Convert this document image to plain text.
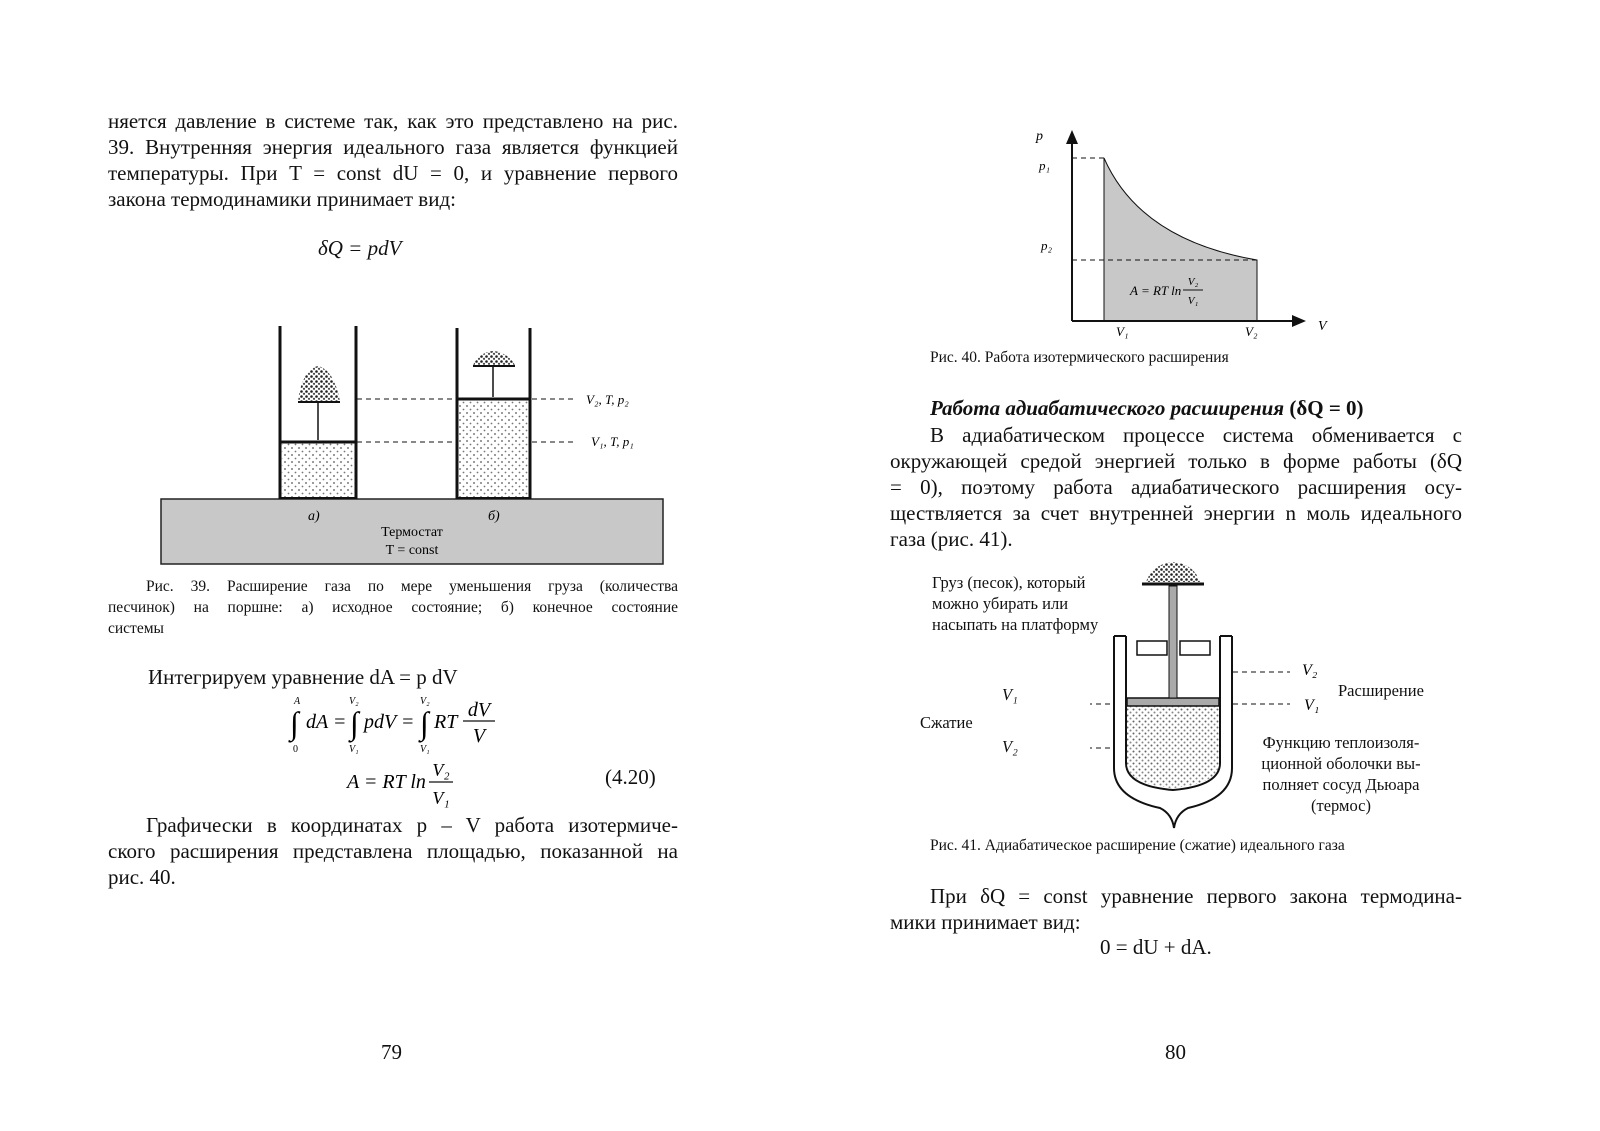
няется давление в системе так, как это представлено на рис.
39. Внутренняя энергия идеального газа является функцией
температуры. При T = const dU = 0, и уравнение первого
закона термодинамики принимает вид:
δQ = pdV
V₂, T, p₂
V₁, T, p₁
а)	б)
Термостат
T = const
Рис. 39. Расширение газа по мере уменьшения груза (количества
песчинок) на поршне: а) исходное состояние; б) конечное состояние
системы
Интегрируем уравнение dA = p dV
∫
A
0
dA = ∫
V₂
V₁
pdV = ∫
V₂
V₁
RT
dV
V
A = RT ln
V₂
V₁
(4.20)
Графически в координатах p – V работа изотермиче-
ского расширения представлена площадью, показанной на
рис. 40.
79
p
V
p₁
p₂
V₁	V₂
A = RT ln
V₂
V₁
Рис. 40. Работа изотермического расширения
Работа адиабатического расширения (δQ = 0)
В адиабатическом процессе система обменивается с
окружающей средой энергией только в форме работы (δQ
= 0), поэтому работа адиабатического расширения осу-
ществляется за счет внутренней энергии n моль идеального
газа (рис. 41).
V₂
V₁
Груз (песок), который
можно убирать или
насыпать на платформу
V₁
V₂
Сжатие
Расширение
Функцию теплоизоля-
ционной оболочки вы-
полняет сосуд Дьюара
(термос)
Рис. 41. Адиабатическое расширение (сжатие) идеального газа
При δQ = const уравнение первого закона термодина-
мики принимает вид:
0 = dU + dA.
80
